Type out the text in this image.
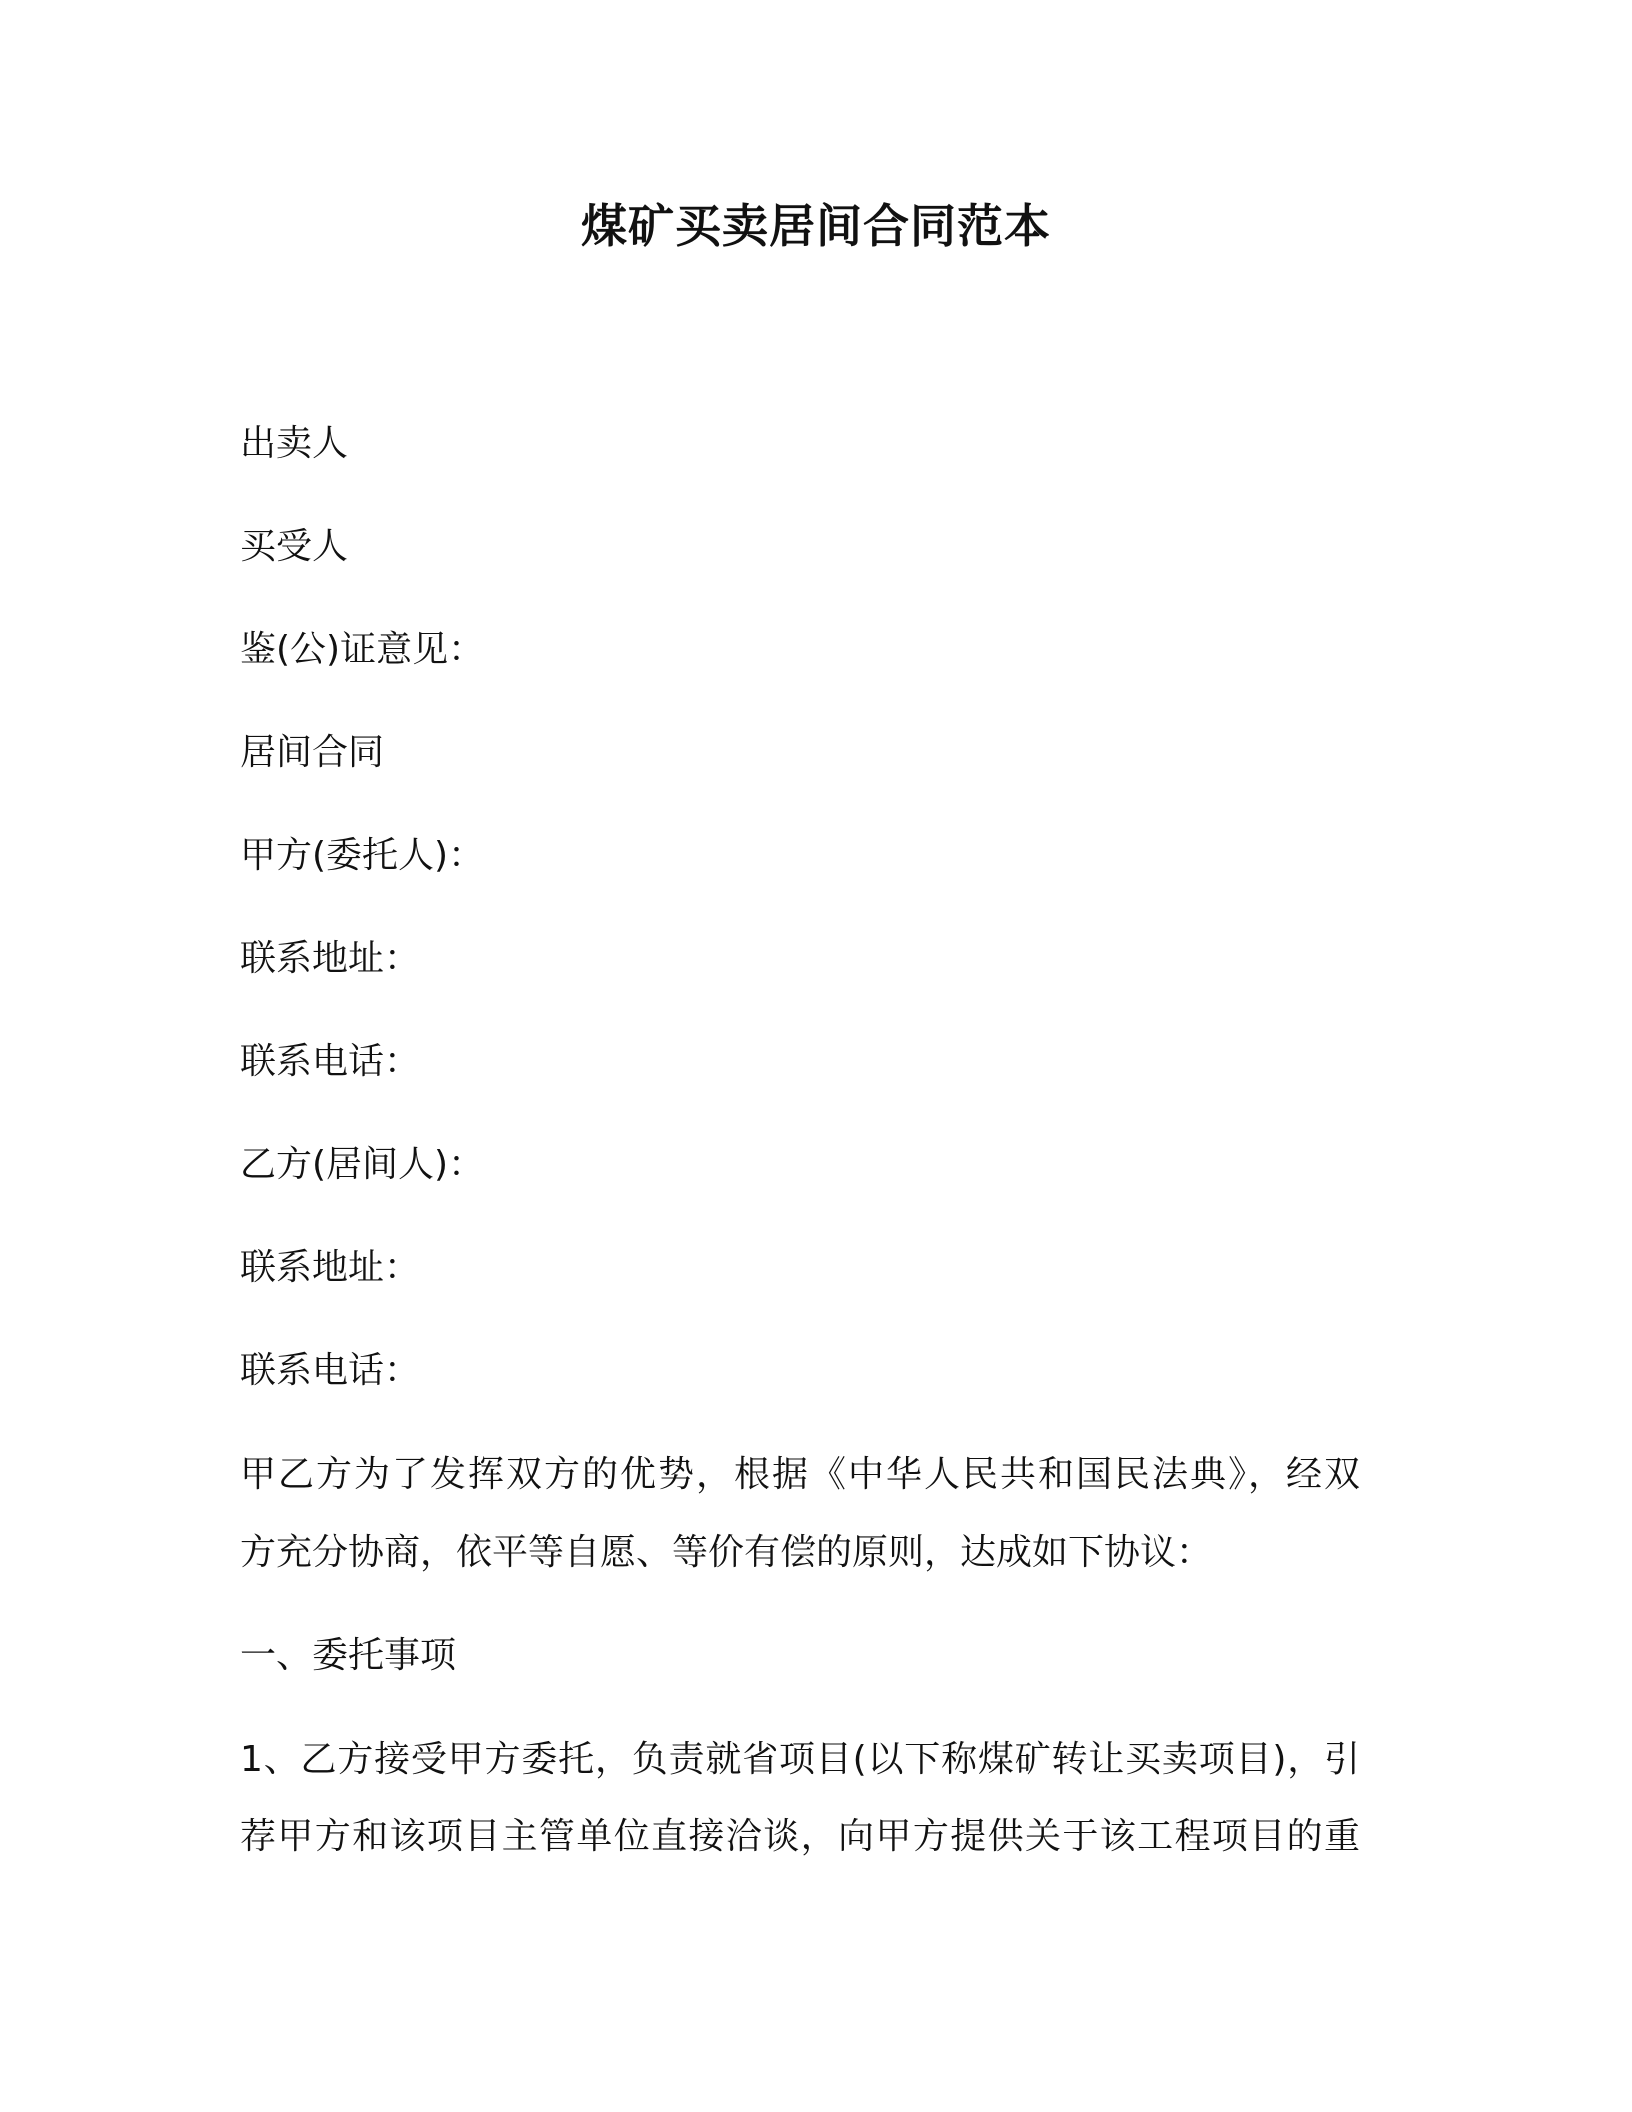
煤矿买卖居间合同范本
出卖人
买受人
鉴(公)证意见：
居间合同
甲方(委托人)：
联系地址：
联系电话：
乙方(居间人)：
联系地址：
联系电话：
甲乙方为了发挥双方的优势，根据《中华人民共和国民法典》，经双
方充分协商，依平等自愿、等价有偿的原则，达成如下协议：
一、委托事项
1、乙方接受甲方委托，负责就省项目(以下称煤矿转让买卖项目)，引
荐甲方和该项目主管单位直接洽谈，向甲方提供关于该工程项目的重
